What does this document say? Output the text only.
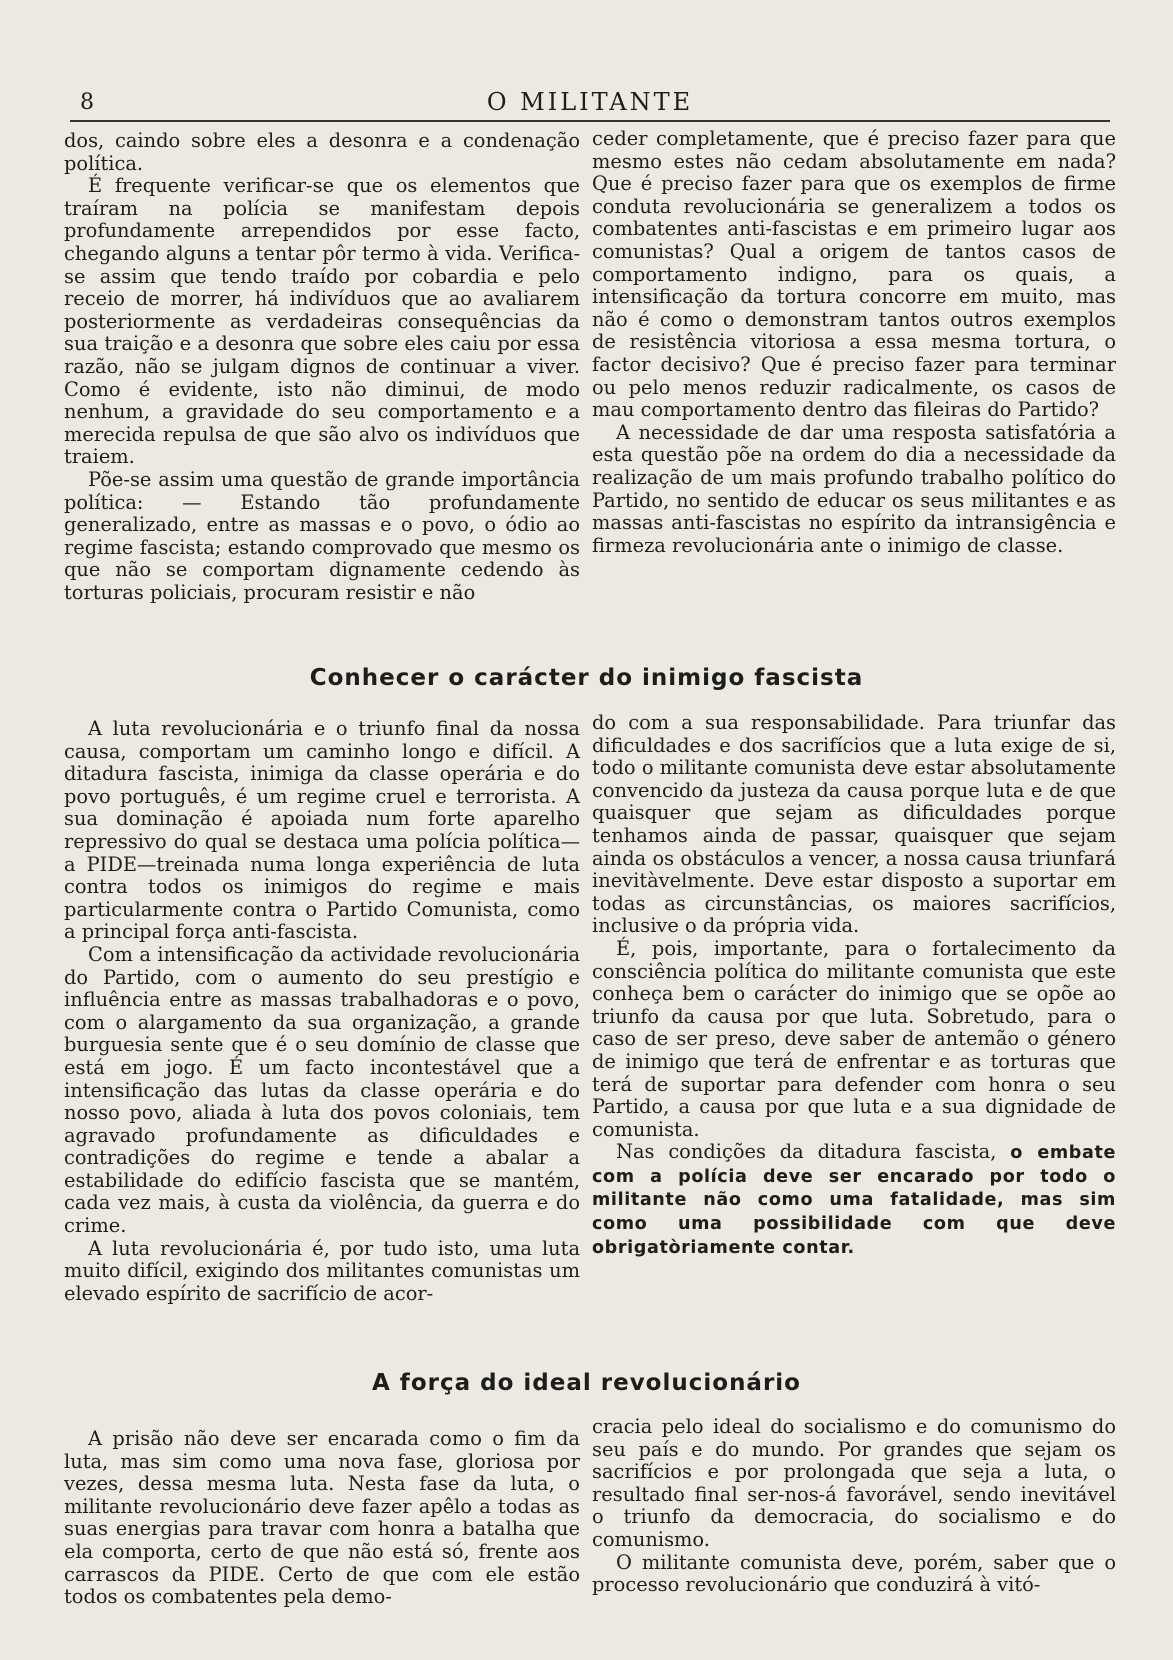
8	O MILITANTE

dos, caindo sobre eles a desonra e a condenação política.

É frequente verificar-se que os elementos que traíram na polícia se manifestam depois profundamente arrependidos por esse facto, chegando alguns a tentar pôr termo à vida. Verifica-se assim que tendo traído por cobardia e pelo receio de morrer, há indivíduos que ao avaliarem posteriormente as verdadeiras consequências da sua traição e a desonra que sobre eles caiu por essa razão, não se julgam dignos de continuar a viver. Como é evidente, isto não diminui, de modo nenhum, a gravidade do seu comportamento e a merecida repulsa de que são alvo os indivíduos que traiem.

Põe-se assim uma questão de grande importância política: — Estando tão profundamente generalizado, entre as massas e o povo, o ódio ao regime fascista; estando comprovado que mesmo os que não se comportam dignamente cedendo às torturas policiais, procuram resistir e não

ceder completamente, que é preciso fazer para que mesmo estes não cedam absolutamente em nada? Que é preciso fazer para que os exemplos de firme conduta revolucionária se generalizem a todos os combatentes anti-fascistas e em primeiro lugar aos comunistas? Qual a origem de tantos casos de comportamento indigno, para os quais, a intensificação da tortura concorre em muito, mas não é como o demonstram tantos outros exemplos de resistência vitoriosa a essa mesma tortura, o factor decisivo? Que é preciso fazer para terminar ou pelo menos reduzir radicalmente, os casos de mau comportamento dentro das fileiras do Partido?

A necessidade de dar uma resposta satisfatória a esta questão põe na ordem do dia a necessidade da realização de um mais profundo trabalho político do Partido, no sentido de educar os seus militantes e as massas anti-fascistas no espírito da intransigência e firmeza revolucionária ante o inimigo de classe.

Conhecer o carácter do inimigo fascista

A luta revolucionária e o triunfo final da nossa causa, comportam um caminho longo e difícil. A ditadura fascista, inimiga da classe operária e do povo português, é um regime cruel e terrorista. A sua dominação é apoiada num forte aparelho repressivo do qual se destaca uma polícia política—a PIDE—treinada numa longa experiência de luta contra todos os inimigos do regime e mais particularmente contra o Partido Comunista, como a principal força anti-fascista.

Com a intensificação da actividade revolucionária do Partido, com o aumento do seu prestígio e influência entre as massas trabalhadoras e o povo, com o alargamento da sua organização, a grande burguesia sente que é o seu domínio de classe que está em jogo. É um facto incontestável que a intensificação das lutas da classe operária e do nosso povo, aliada à luta dos povos coloniais, tem agravado profundamente as dificuldades e contradições do regime e tende a abalar a estabilidade do edifício fascista que se mantém, cada vez mais, à custa da violência, da guerra e do crime.

A luta revolucionária é, por tudo isto, uma luta muito difícil, exigindo dos militantes comunistas um elevado espírito de sacrifício de acor-

do com a sua responsabilidade. Para triunfar das dificuldades e dos sacrifícios que a luta exige de si, todo o militante comunista deve estar absolutamente convencido da justeza da causa porque luta e de que quaisquer que sejam as dificuldades porque tenhamos ainda de passar, quaisquer que sejam ainda os obstáculos a vencer, a nossa causa triunfará inevitàvelmente. Deve estar disposto a suportar em todas as circunstâncias, os maiores sacrifícios, inclusive o da própria vida.

É, pois, importante, para o fortalecimento da consciência política do militante comunista que este conheça bem o carácter do inimigo que se opõe ao triunfo da causa por que luta. Sobretudo, para o caso de ser preso, deve saber de antemão o género de inimigo que terá de enfrentar e as torturas que terá de suportar para defender com honra o seu Partido, a causa por que luta e a sua dignidade de comunista.

Nas condições da ditadura fascista, o embate com a polícia deve ser encarado por todo o militante não como uma fatalidade, mas sim como uma possibilidade com que deve obrigatòriamente contar.

A força do ideal revolucionário

A prisão não deve ser encarada como o fim da luta, mas sim como uma nova fase, gloriosa por vezes, dessa mesma luta. Nesta fase da luta, o militante revolucionário deve fazer apêlo a todas as suas energias para travar com honra a batalha que ela comporta, certo de que não está só, frente aos carrascos da PIDE. Certo de que com ele estão todos os combatentes pela demo-

cracia pelo ideal do socialismo e do comunismo do seu país e do mundo. Por grandes que sejam os sacrifícios e por prolongada que seja a luta, o resultado final ser-nos-á favorável, sendo inevitável o triunfo da democracia, do socialismo e do comunismo.

O militante comunista deve, porém, saber que o processo revolucionário que conduzirá à vitó-
